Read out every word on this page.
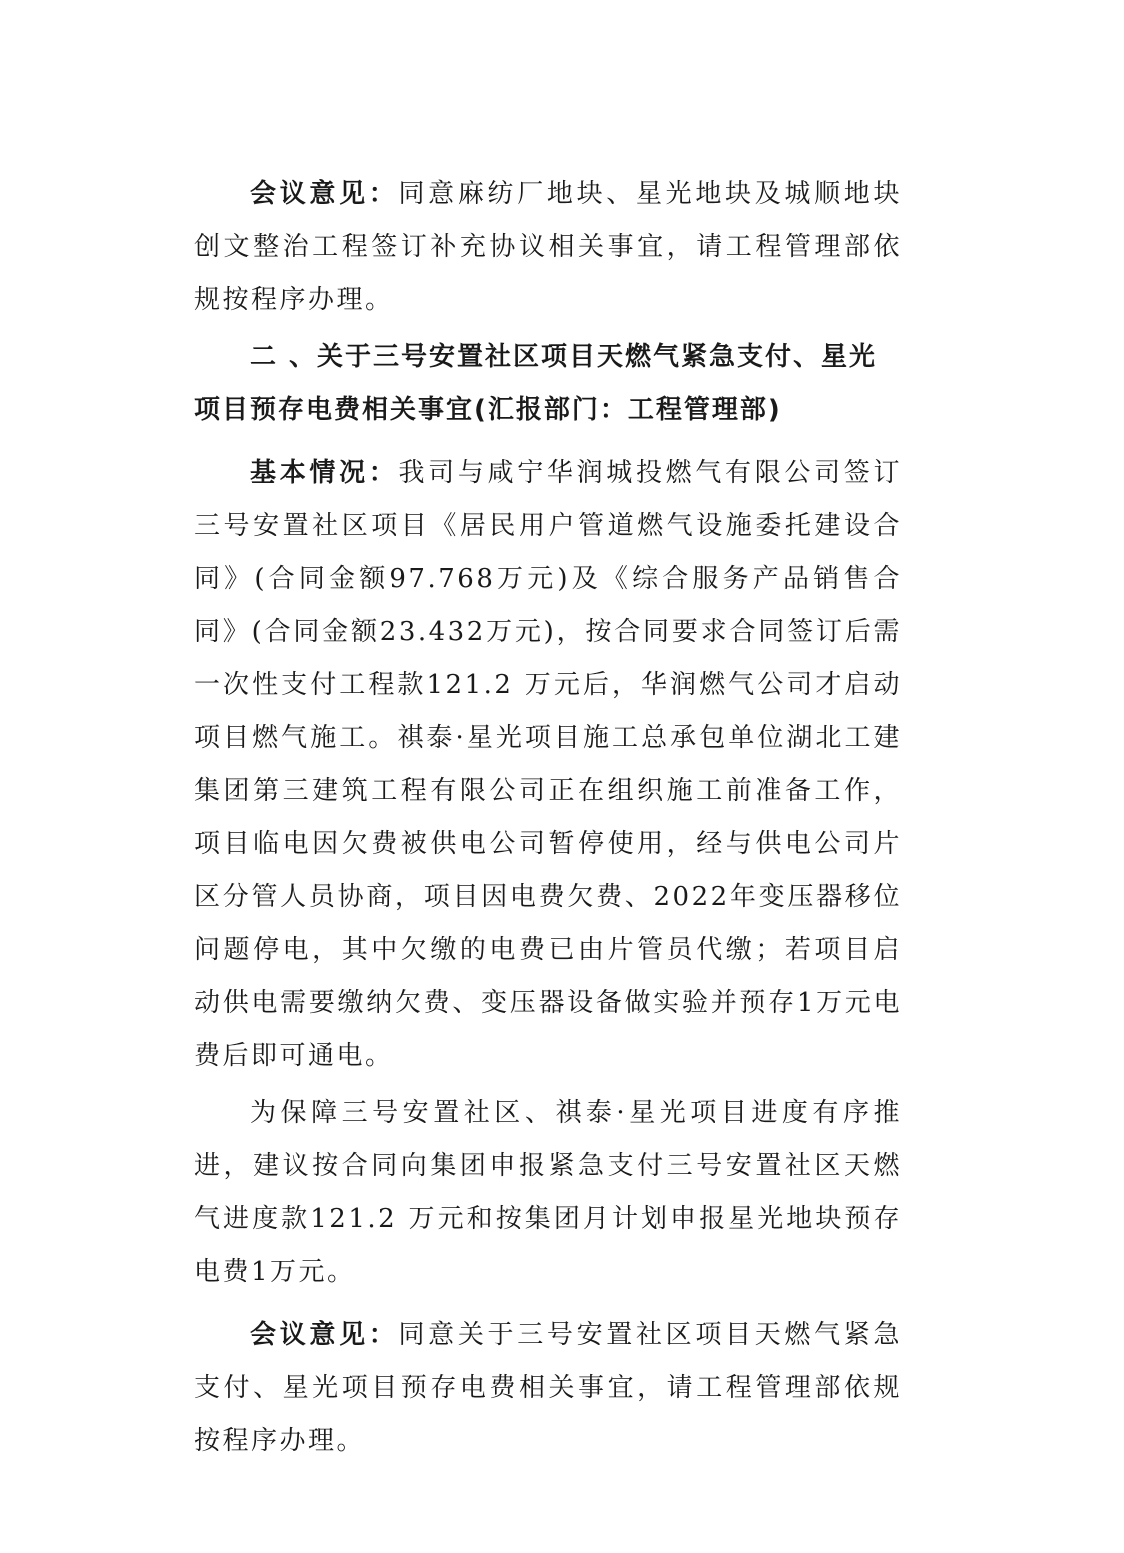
会议意见：同意麻纺厂地块、星光地块及城顺地块创文整治工程签订补充协议相关事宜，请工程管理部依规按程序办理。

二 、关于三号安置社区项目天燃气紧急支付、星光项目预存电费相关事宜(汇报部门：工程管理部)

基本情况：我司与咸宁华润城投燃气有限公司签订三号安置社区项目《居民用户管道燃气设施委托建设合同》(合同金额97.768万元)及《综合服务产品销售合同》(合同金额23.432万元)，按合同要求合同签订后需一次性支付工程款121.2 万元后，华润燃气公司才启动项目燃气施工。祺泰·星光项目施工总承包单位湖北工建集团第三建筑工程有限公司正在组织施工前准备工作，项目临电因欠费被供电公司暂停使用，经与供电公司片区分管人员协商，项目因电费欠费、2022年变压器移位问题停电，其中欠缴的电费已由片管员代缴；若项目启动供电需要缴纳欠费、变压器设备做实验并预存1万元电费后即可通电。

为保障三号安置社区、祺泰·星光项目进度有序推进，建议按合同向集团申报紧急支付三号安置社区天燃气进度款121.2 万元和按集团月计划申报星光地块预存电费1万元。

会议意见：同意关于三号安置社区项目天燃气紧急支付、星光项目预存电费相关事宜，请工程管理部依规按程序办理。
